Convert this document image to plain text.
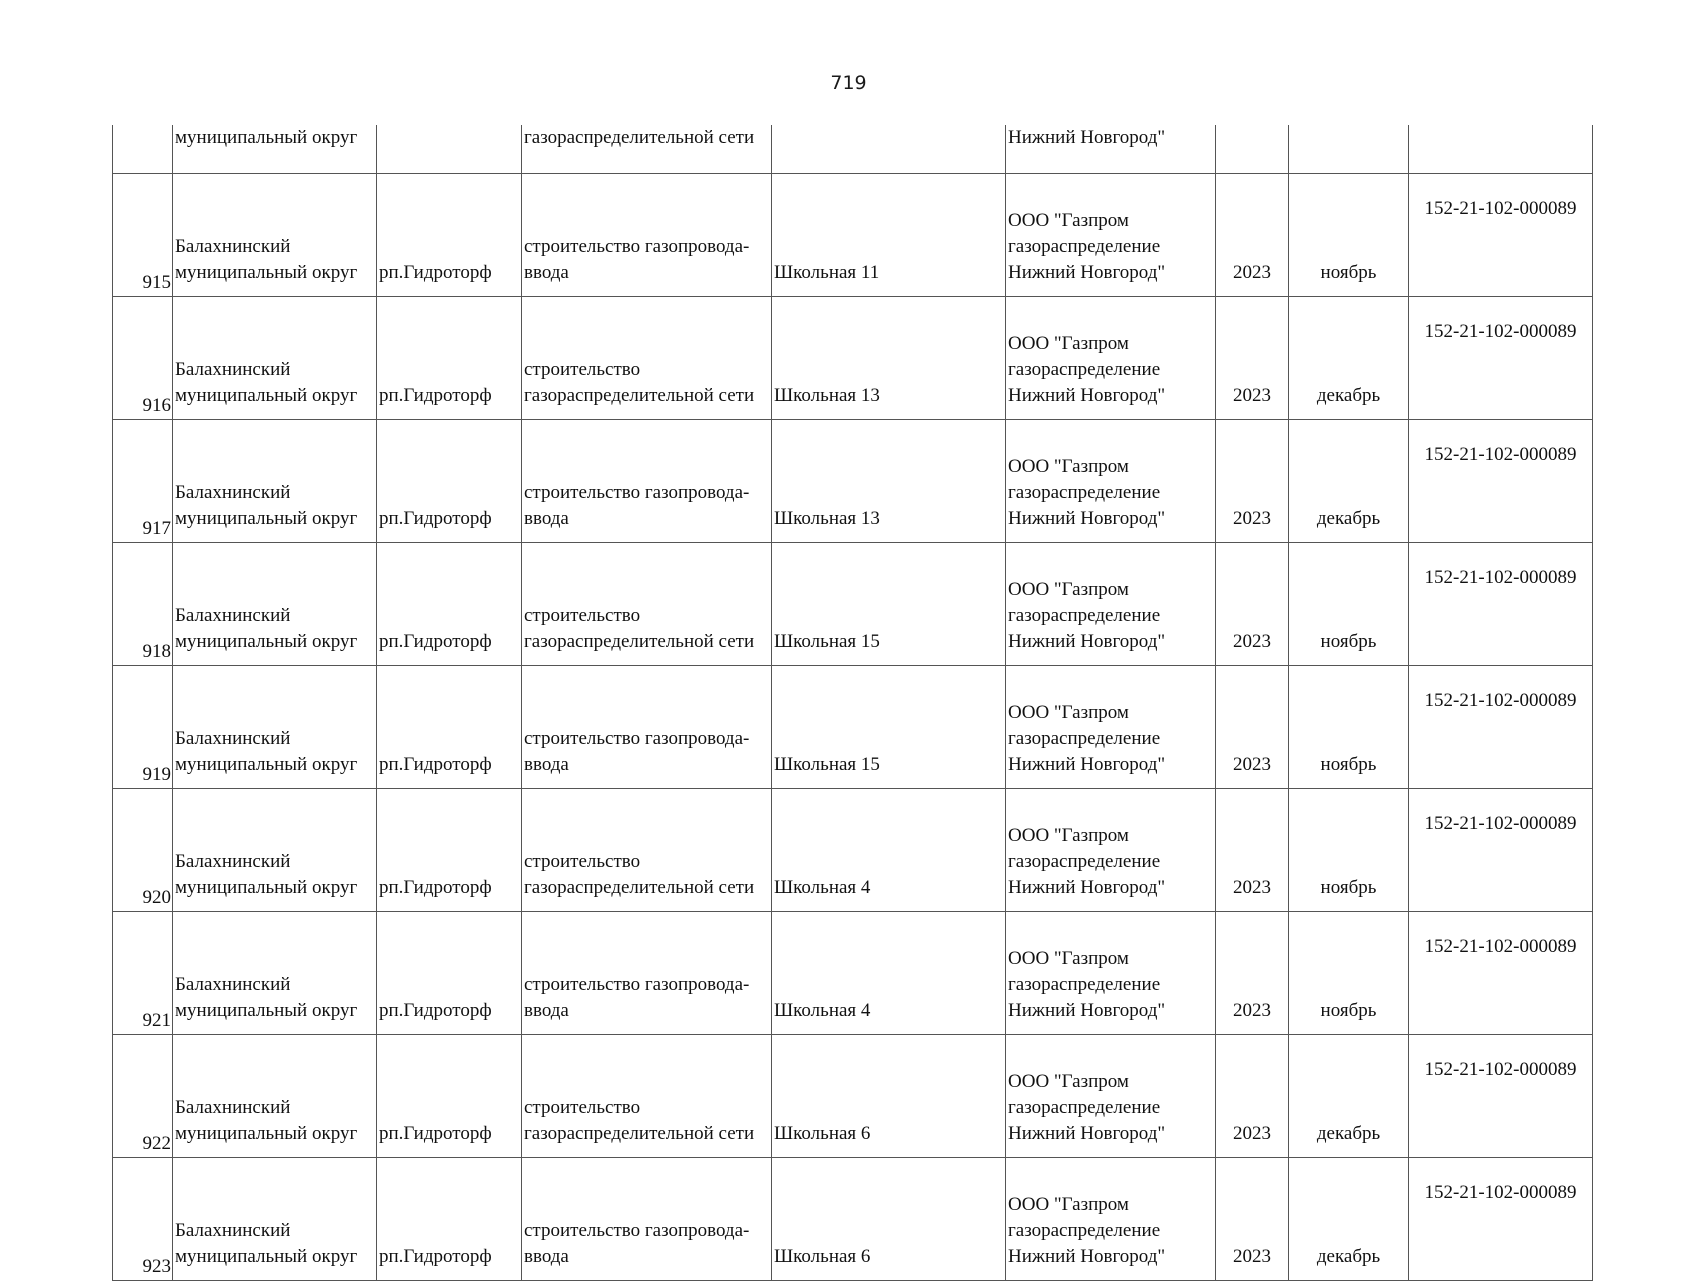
719
	муниципальный округ		газораспределительной сети		Нижний Новгород"			
915	Балахнинский
муниципальный округ	рп.Гидроторф	строительство газопровода-
ввода	Школьная 11	ООО "Газпром
газораспределение
Нижний Новгород"	2023	ноябрь	152-21-102-000089
916	Балахнинский
муниципальный округ	рп.Гидроторф	строительство
газораспределительной сети	Школьная 13	ООО "Газпром
газораспределение
Нижний Новгород"	2023	декабрь	152-21-102-000089
917	Балахнинский
муниципальный округ	рп.Гидроторф	строительство газопровода-
ввода	Школьная 13	ООО "Газпром
газораспределение
Нижний Новгород"	2023	декабрь	152-21-102-000089
918	Балахнинский
муниципальный округ	рп.Гидроторф	строительство
газораспределительной сети	Школьная 15	ООО "Газпром
газораспределение
Нижний Новгород"	2023	ноябрь	152-21-102-000089
919	Балахнинский
муниципальный округ	рп.Гидроторф	строительство газопровода-
ввода	Школьная 15	ООО "Газпром
газораспределение
Нижний Новгород"	2023	ноябрь	152-21-102-000089
920	Балахнинский
муниципальный округ	рп.Гидроторф	строительство
газораспределительной сети	Школьная 4	ООО "Газпром
газораспределение
Нижний Новгород"	2023	ноябрь	152-21-102-000089
921	Балахнинский
муниципальный округ	рп.Гидроторф	строительство газопровода-
ввода	Школьная 4	ООО "Газпром
газораспределение
Нижний Новгород"	2023	ноябрь	152-21-102-000089
922	Балахнинский
муниципальный округ	рп.Гидроторф	строительство
газораспределительной сети	Школьная 6	ООО "Газпром
газораспределение
Нижний Новгород"	2023	декабрь	152-21-102-000089
923	Балахнинский
муниципальный округ	рп.Гидроторф	строительство газопровода-
ввода	Школьная 6	ООО "Газпром
газораспределение
Нижний Новгород"	2023	декабрь	152-21-102-000089
